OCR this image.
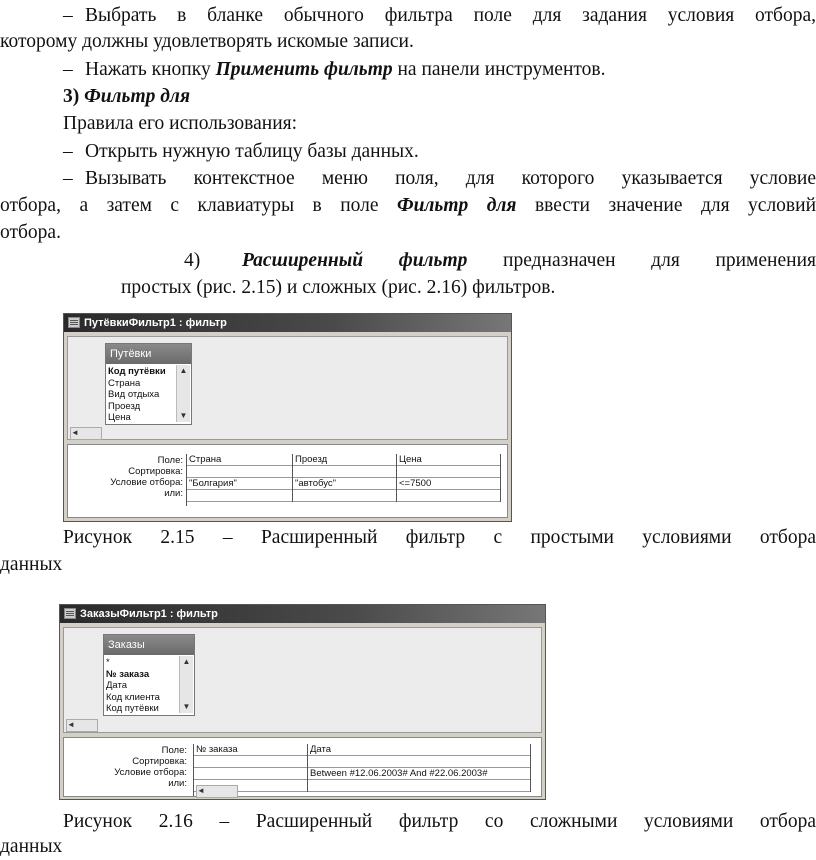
– Выбрать в бланке обычного фильтра поле для задания условия отбора,
которому должны удовлетворять искомые записи.
– Нажать кнопку Применить фильтр на панели инструментов.
3) Фильтр для
Правила его использования:
– Открыть нужную таблицу базы данных.
– Вызывать контекстное меню поля, для которого указывается условие
отбора, а затем с клавиатуры в поле Фильтр для ввести значение для условий
отбора.
4) Расширенный фильтр предназначен для применения
простых (рис. 2.15) и сложных (рис. 2.16) фильтров.
ПутёвкиФильтр1 : фильтр
Путёвки
Код путёвки
Страна
Вид отдыха
Проезд
Цена
▲
▼
◄
Поле:
Сортировка:
Условие отбора:
или:
Страна
"Болгария"
Проезд
"автобус"
Цена
<=7500
Рисунок 2.15 – Расширенный фильтр с простыми условиями отбора
данных
ЗаказыФильтр1 : фильтр
Заказы
*
№ заказа
Дата
Код клиента
Код путёвки
▲
▼
◄
Поле:
Сортировка:
Условие отбора:
или:
№ заказа	Дата
Between #12.06.2003# And #22.06.2003#
◄
Рисунок 2.16 – Расширенный фильтр со сложными условиями отбора
данных
